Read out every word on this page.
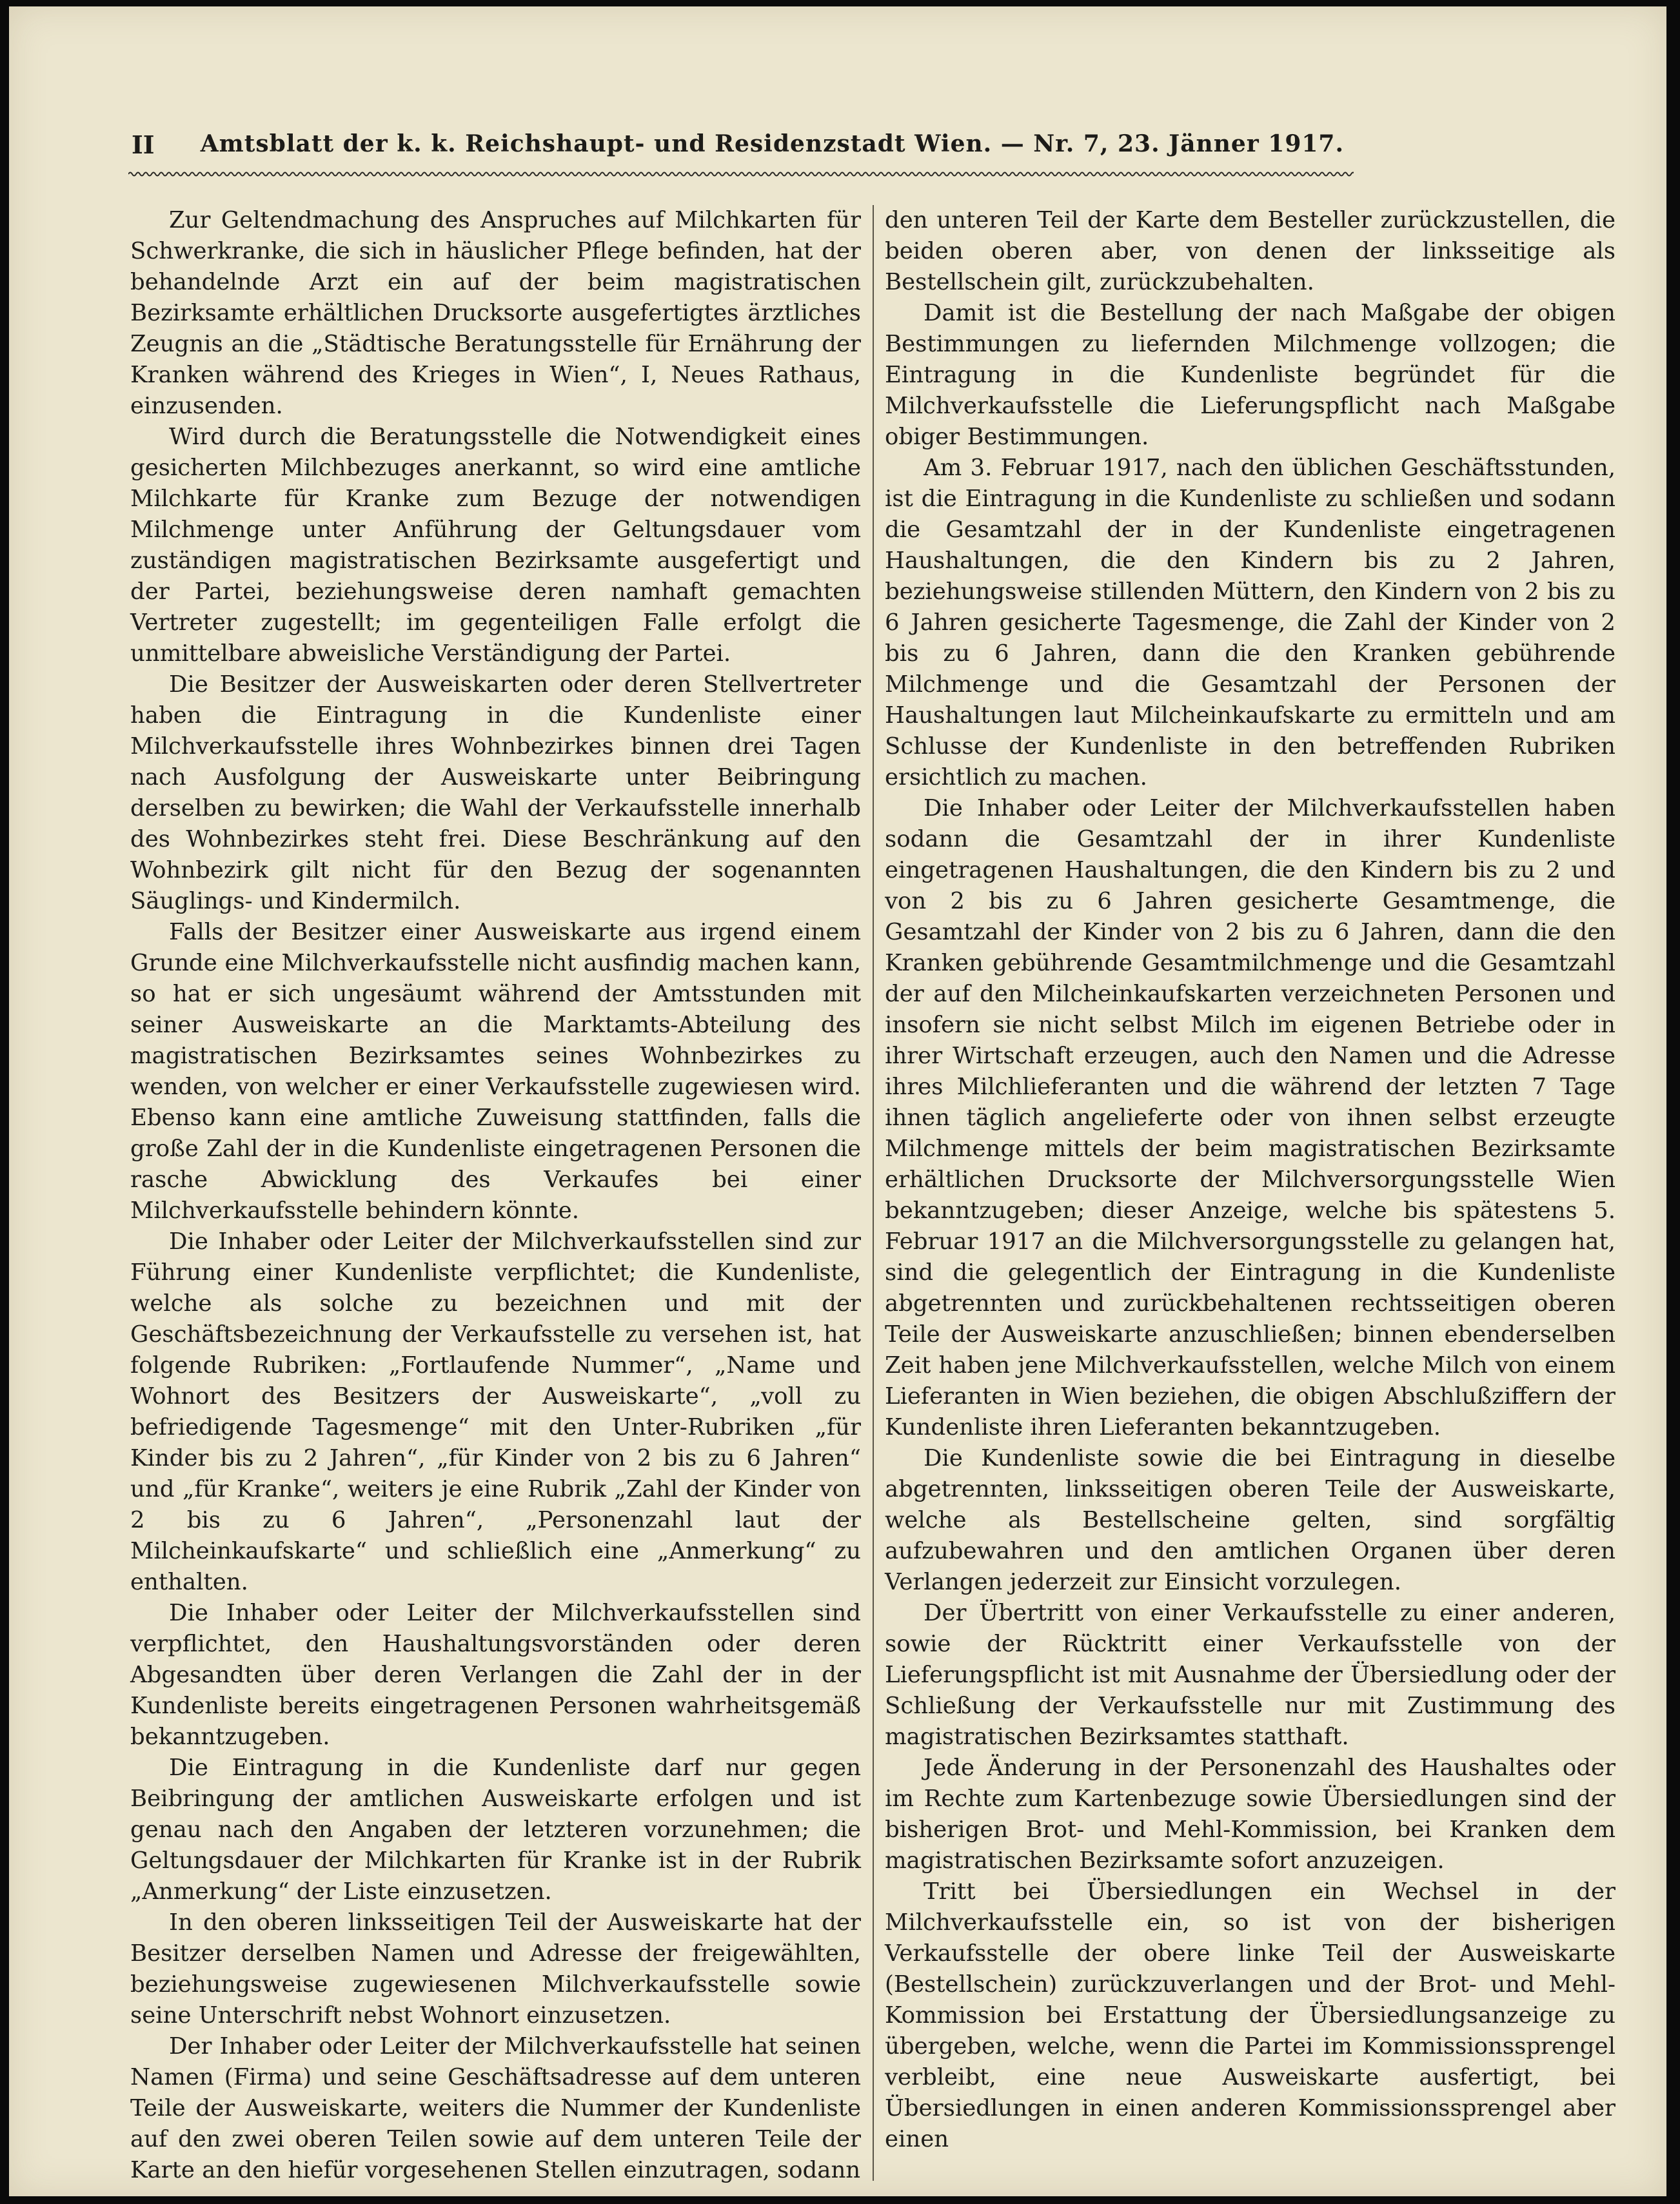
II Amtsblatt der k. k. Reichshaupt- und Residenzstadt Wien. — Nr. 7, 23. Jänner 1917.

Zur Geltendmachung des Anspruches auf Milchkarten für Schwerkranke, die sich in häuslicher Pflege befinden, hat der behandelnde Arzt ein auf der beim magistratischen Bezirksamte erhältlichen Drucksorte ausgefertigtes ärztliches Zeugnis an die „Städtische Beratungsstelle für Ernährung der Kranken während des Krieges in Wien“, I, Neues Rathaus, einzusenden.

Wird durch die Beratungsstelle die Notwendigkeit eines gesicherten Milchbezuges anerkannt, so wird eine amtliche Milchkarte für Kranke zum Bezuge der notwendigen Milchmenge unter Anführung der Geltungsdauer vom zuständigen magistratischen Bezirksamte ausgefertigt und der Partei, beziehungsweise deren namhaft gemachten Vertreter zugestellt; im gegenteiligen Falle erfolgt die unmittelbare abweisliche Verständigung der Partei.

Die Besitzer der Ausweiskarten oder deren Stellvertreter haben die Eintragung in die Kundenliste einer Milchverkaufsstelle ihres Wohnbezirkes binnen drei Tagen nach Ausfolgung der Ausweiskarte unter Beibringung derselben zu bewirken; die Wahl der Verkaufsstelle innerhalb des Wohnbezirkes steht frei. Diese Beschränkung auf den Wohnbezirk gilt nicht für den Bezug der sogenannten Säuglings- und Kindermilch.

Falls der Besitzer einer Ausweiskarte aus irgend einem Grunde eine Milchverkaufsstelle nicht ausfindig machen kann, so hat er sich ungesäumt während der Amtsstunden mit seiner Ausweiskarte an die Marktamts-Abteilung des magistratischen Bezirksamtes seines Wohnbezirkes zu wenden, von welcher er einer Verkaufsstelle zugewiesen wird. Ebenso kann eine amtliche Zuweisung stattfinden, falls die große Zahl der in die Kundenliste eingetragenen Personen die rasche Abwicklung des Verkaufes bei einer Milchverkaufsstelle behindern könnte.

Die Inhaber oder Leiter der Milchverkaufsstellen sind zur Führung einer Kundenliste verpflichtet; die Kundenliste, welche als solche zu bezeichnen und mit der Geschäftsbezeichnung der Verkaufsstelle zu versehen ist, hat folgende Rubriken: „Fortlaufende Nummer“, „Name und Wohnort des Besitzers der Ausweiskarte“, „voll zu befriedigende Tagesmenge“ mit den Unter-Rubriken „für Kinder bis zu 2 Jahren“, „für Kinder von 2 bis zu 6 Jahren“ und „für Kranke“, weiters je eine Rubrik „Zahl der Kinder von 2 bis zu 6 Jahren“, „Personenzahl laut der Milcheinkaufskarte“ und schließlich eine „Anmerkung“ zu enthalten.

Die Inhaber oder Leiter der Milchverkaufsstellen sind verpflichtet, den Haushaltungsvorständen oder deren Abgesandten über deren Verlangen die Zahl der in der Kundenliste bereits eingetragenen Personen wahrheitsgemäß bekanntzugeben.

Die Eintragung in die Kundenliste darf nur gegen Beibringung der amtlichen Ausweiskarte erfolgen und ist genau nach den Angaben der letzteren vorzunehmen; die Geltungsdauer der Milchkarten für Kranke ist in der Rubrik „Anmerkung“ der Liste einzusetzen.

In den oberen linksseitigen Teil der Ausweiskarte hat der Besitzer derselben Namen und Adresse der freigewählten, beziehungsweise zugewiesenen Milchverkaufsstelle sowie seine Unterschrift nebst Wohnort einzusetzen.

Der Inhaber oder Leiter der Milchverkaufsstelle hat seinen Namen (Firma) und seine Geschäftsadresse auf dem unteren Teile der Ausweiskarte, weiters die Nummer der Kundenliste auf den zwei oberen Teilen sowie auf dem unteren Teile der Karte an den hiefür vorgesehenen Stellen einzutragen, sodann

den unteren Teil der Karte dem Besteller zurückzustellen, die beiden oberen aber, von denen der linksseitige als Bestellschein gilt, zurückzubehalten.

Damit ist die Bestellung der nach Maßgabe der obigen Bestimmungen zu liefernden Milchmenge vollzogen; die Eintragung in die Kundenliste begründet für die Milchverkaufsstelle die Lieferungspflicht nach Maßgabe obiger Bestimmungen.

Am 3. Februar 1917, nach den üblichen Geschäftsstunden, ist die Eintragung in die Kundenliste zu schließen und sodann die Gesamtzahl der in der Kundenliste eingetragenen Haushaltungen, die den Kindern bis zu 2 Jahren, beziehungsweise stillenden Müttern, den Kindern von 2 bis zu 6 Jahren gesicherte Tagesmenge, die Zahl der Kinder von 2 bis zu 6 Jahren, dann die den Kranken gebührende Milchmenge und die Gesamtzahl der Personen der Haushaltungen laut Milcheinkaufskarte zu ermitteln und am Schlusse der Kundenliste in den betreffenden Rubriken ersichtlich zu machen.

Die Inhaber oder Leiter der Milchverkaufsstellen haben sodann die Gesamtzahl der in ihrer Kundenliste eingetragenen Haushaltungen, die den Kindern bis zu 2 und von 2 bis zu 6 Jahren gesicherte Gesamtmenge, die Gesamtzahl der Kinder von 2 bis zu 6 Jahren, dann die den Kranken gebührende Gesamtmilchmenge und die Gesamtzahl der auf den Milcheinkaufskarten verzeichneten Personen und insofern sie nicht selbst Milch im eigenen Betriebe oder in ihrer Wirtschaft erzeugen, auch den Namen und die Adresse ihres Milchlieferanten und die während der letzten 7 Tage ihnen täglich angelieferte oder von ihnen selbst erzeugte Milchmenge mittels der beim magistratischen Bezirksamte erhältlichen Drucksorte der Milchversorgungsstelle Wien bekanntzugeben; dieser Anzeige, welche bis spätestens 5. Februar 1917 an die Milchversorgungsstelle zu gelangen hat, sind die gelegentlich der Eintragung in die Kundenliste abgetrennten und zurückbehaltenen rechtsseitigen oberen Teile der Ausweiskarte anzuschließen; binnen ebenderselben Zeit haben jene Milchverkaufsstellen, welche Milch von einem Lieferanten in Wien beziehen, die obigen Abschlußziffern der Kundenliste ihren Lieferanten bekanntzugeben.

Die Kundenliste sowie die bei Eintragung in dieselbe abgetrennten, linksseitigen oberen Teile der Ausweiskarte, welche als Bestellscheine gelten, sind sorgfältig aufzubewahren und den amtlichen Organen über deren Verlangen jederzeit zur Einsicht vorzulegen.

Der Übertritt von einer Verkaufsstelle zu einer anderen, sowie der Rücktritt einer Verkaufsstelle von der Lieferungspflicht ist mit Ausnahme der Übersiedlung oder der Schließung der Verkaufsstelle nur mit Zustimmung des magistratischen Bezirksamtes statthaft.

Jede Änderung in der Personenzahl des Haushaltes oder im Rechte zum Kartenbezuge sowie Übersiedlungen sind der bisherigen Brot- und Mehl-Kommission, bei Kranken dem magistratischen Bezirksamte sofort anzuzeigen.

Tritt bei Übersiedlungen ein Wechsel in der Milchverkaufsstelle ein, so ist von der bisherigen Verkaufsstelle der obere linke Teil der Ausweiskarte (Bestellschein) zurückzuverlangen und der Brot- und Mehl-Kommission bei Erstattung der Übersiedlungsanzeige zu übergeben, welche, wenn die Partei im Kommissionssprengel verbleibt, eine neue Ausweiskarte ausfertigt, bei Übersiedlungen in einen anderen Kommissionssprengel aber einen
